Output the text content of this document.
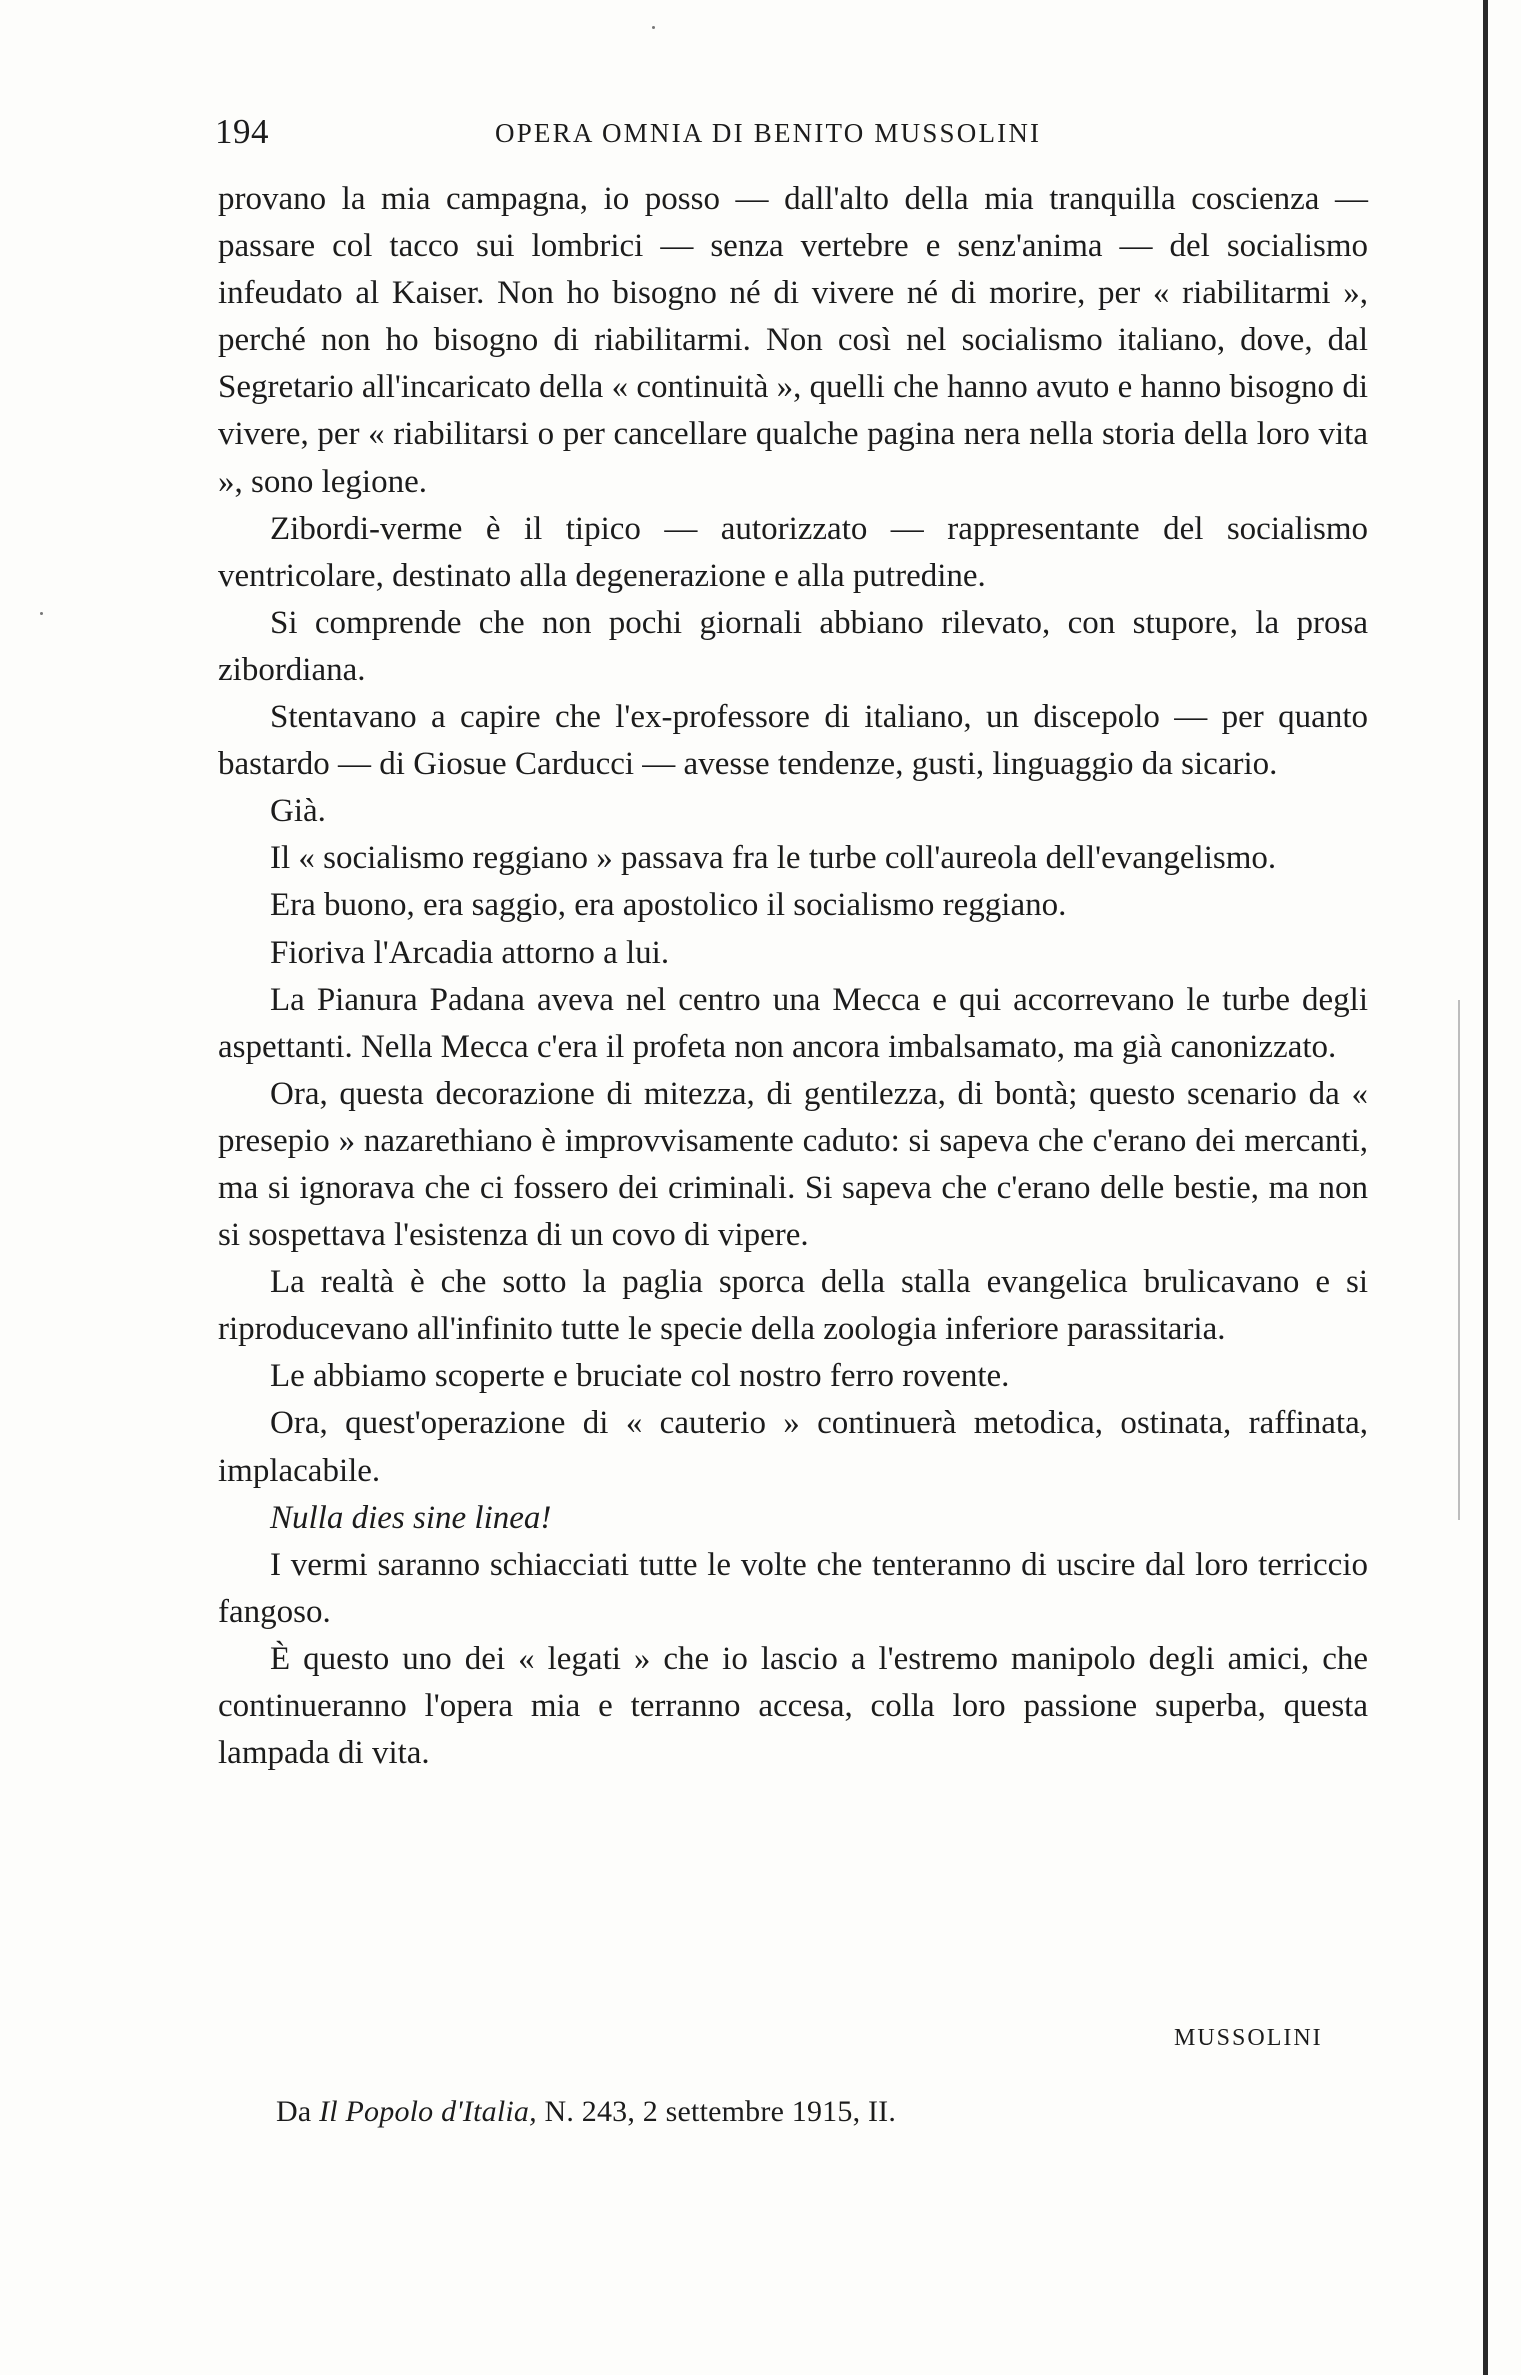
194	OPERA OMNIA DI BENITO MUSSOLINI

provano la mia campagna, io posso — dall'alto della mia tranquilla coscienza — passare col tacco sui lombrici — senza vertebre e senz'anima — del socialismo infeudato al Kaiser. Non ho bisogno né di vivere né di morire, per « riabilitarmi », perché non ho bisogno di riabilitarmi. Non così nel socialismo italiano, dove, dal Segretario all'incaricato della « continuità », quelli che hanno avuto e hanno bisogno di vivere, per « riabilitarsi o per cancellare qualche pagina nera nella storia della loro vita », sono legione.

Zibordi-verme è il tipico — autorizzato — rappresentante del socialismo ventricolare, destinato alla degenerazione e alla putredine.

Si comprende che non pochi giornali abbiano rilevato, con stupore, la prosa zibordiana.

Stentavano a capire che l'ex-professore di italiano, un discepolo — per quanto bastardo — di Giosue Carducci — avesse tendenze, gusti, linguaggio da sicario.

Già.

Il « socialismo reggiano » passava fra le turbe coll'aureola dell'evangelismo.

Era buono, era saggio, era apostolico il socialismo reggiano.

Fioriva l'Arcadia attorno a lui.

La Pianura Padana aveva nel centro una Mecca e qui accorrevano le turbe degli aspettanti. Nella Mecca c'era il profeta non ancora imbalsamato, ma già canonizzato.

Ora, questa decorazione di mitezza, di gentilezza, di bontà; questo scenario da « presepio » nazarethiano è improvvisamente caduto: si sapeva che c'erano dei mercanti, ma si ignorava che ci fossero dei criminali. Si sapeva che c'erano delle bestie, ma non si sospettava l'esistenza di un covo di vipere.

La realtà è che sotto la paglia sporca della stalla evangelica brulicavano e si riproducevano all'infinito tutte le specie della zoologia inferiore parassitaria.

Le abbiamo scoperte e bruciate col nostro ferro rovente.

Ora, quest'operazione di « cauterio » continuerà metodica, ostinata, raffinata, implacabile.

Nulla dies sine linea!

I vermi saranno schiacciati tutte le volte che tenteranno di uscire dal loro terriccio fangoso.

È questo uno dei « legati » che io lascio a l'estremo manipolo degli amici, che continueranno l'opera mia e terranno accesa, colla loro passione superba, questa lampada di vita.

MUSSOLINI
Da Il Popolo d'Italia, N. 243, 2 settembre 1915, II.
